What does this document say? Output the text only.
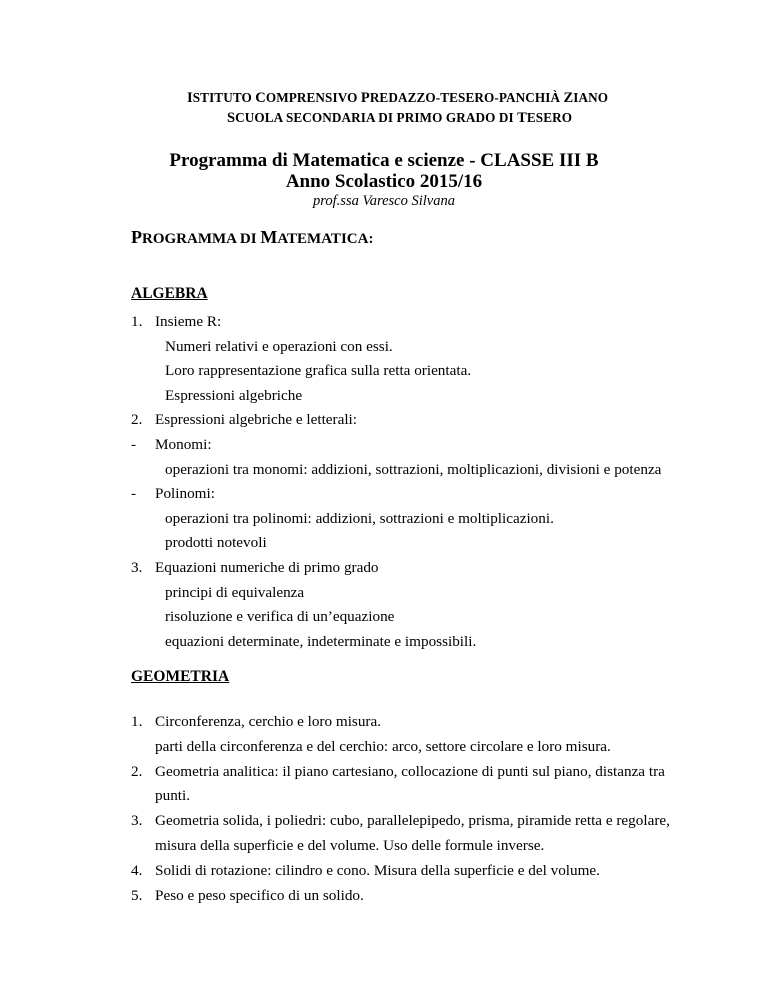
ISTITUTO COMPRENSIVO PREDAZZO-TESERO-PANCHIÀ ZIANO
SCUOLA SECONDARIA DI PRIMO GRADO DI TESERO
Programma di Matematica e scienze - CLASSE III B
Anno Scolastico 2015/16
prof.ssa Varesco Silvana
PROGRAMMA DI MATEMATICA:
ALGEBRA
1. Insieme R:
Numeri relativi e operazioni con essi.
Loro rappresentazione grafica sulla retta orientata.
Espressioni algebriche
2. Espressioni algebriche e letterali:
- Monomi:
operazioni tra monomi: addizioni, sottrazioni, moltiplicazioni, divisioni e potenza
- Polinomi:
operazioni tra polinomi: addizioni, sottrazioni e moltiplicazioni.
prodotti notevoli
3. Equazioni numeriche di primo grado
principi di equivalenza
risoluzione e verifica di un’equazione
equazioni determinate, indeterminate e impossibili.
GEOMETRIA
1. Circonferenza, cerchio e loro misura.
parti della circonferenza e del cerchio: arco, settore circolare e loro misura.
2. Geometria analitica: il piano cartesiano, collocazione di punti sul piano, distanza tra
punti.
3. Geometria solida, i poliedri: cubo, parallelepipedo, prisma, piramide retta e regolare,
misura della superficie e del volume. Uso delle formule inverse.
4. Solidi di rotazione: cilindro e cono. Misura della superficie e del volume.
5. Peso e peso specifico di un solido.
